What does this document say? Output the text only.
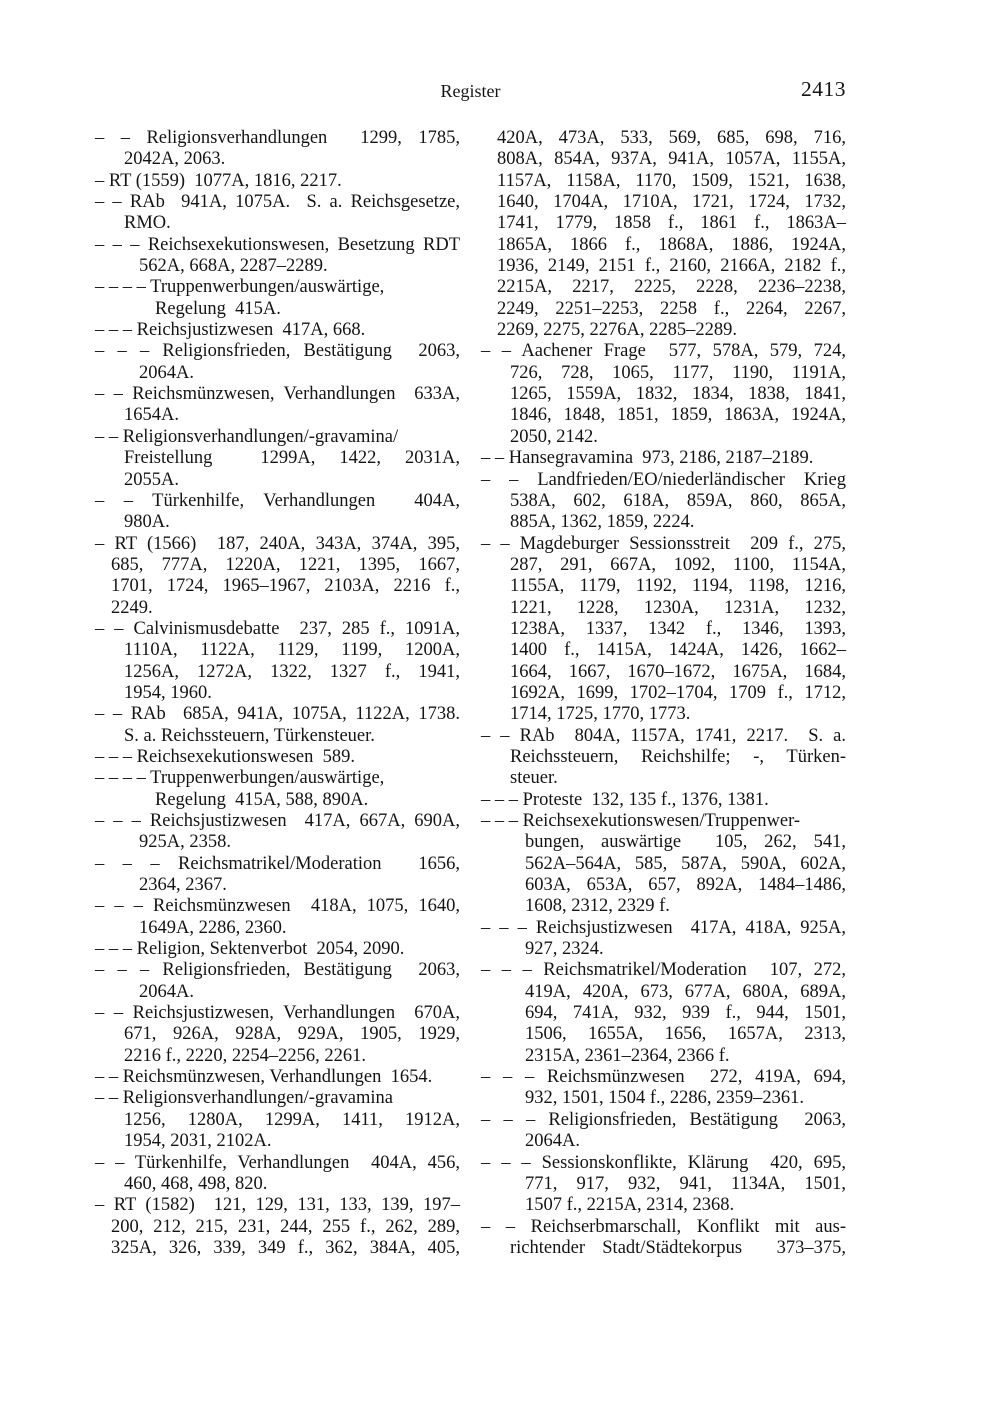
Register	2413
– – Religionsverhandlungen  1299, 1785,
2042A, 2063.
– RT (1559)  1077A, 1816, 2217.
– – RAb  941A, 1075A.  S. a. Reichsgesetze,
RMO.
– – – Reichsexekutionswesen, Besetzung RDT
562A, 668A, 2287–2289.
– – – – Truppenwerbungen/auswärtige,
Regelung  415A.
– – – Reichsjustizwesen  417A, 668.
– – – Religionsfrieden, Bestätigung  2063,
2064A.
– – Reichsmünzwesen, Verhandlungen  633A,
1654A.
– – Religionsverhandlungen/-gravamina/
Freistellung  1299A, 1422, 2031A,
2055A.
– – Türkenhilfe, Verhandlungen  404A,
980A.
– RT (1566)  187, 240A, 343A, 374A, 395,
685, 777A, 1220A, 1221, 1395, 1667,
1701, 1724, 1965–1967, 2103A, 2216 f.,
2249.
– – Calvinismusdebatte  237, 285 f., 1091A,
1110A, 1122A, 1129, 1199, 1200A,
1256A, 1272A, 1322, 1327 f., 1941,
1954, 1960.
– – RAb  685A, 941A, 1075A, 1122A, 1738.
S. a. Reichssteuern, Türkensteuer.
– – – Reichsexekutionswesen  589.
– – – – Truppenwerbungen/auswärtige,
Regelung  415A, 588, 890A.
– – – Reichsjustizwesen  417A, 667A, 690A,
925A, 2358.
– – – Reichsmatrikel/Moderation  1656,
2364, 2367.
– – – Reichsmünzwesen  418A, 1075, 1640,
1649A, 2286, 2360.
– – – Religion, Sektenverbot  2054, 2090.
– – – Religionsfrieden, Bestätigung  2063,
2064A.
– – Reichsjustizwesen, Verhandlungen  670A,
671, 926A, 928A, 929A, 1905, 1929,
2216 f., 2220, 2254–2256, 2261.
– – Reichsmünzwesen, Verhandlungen  1654.
– – Religionsverhandlungen/-gravamina
1256, 1280A, 1299A, 1411, 1912A,
1954, 2031, 2102A.
– – Türkenhilfe, Verhandlungen  404A, 456,
460, 468, 498, 820.
– RT (1582)  121, 129, 131, 133, 139, 197–
200, 212, 215, 231, 244, 255 f., 262, 289,
325A, 326, 339, 349 f., 362, 384A, 405,
420A, 473A, 533, 569, 685, 698, 716,
808A, 854A, 937A, 941A, 1057A, 1155A,
1157A, 1158A, 1170, 1509, 1521, 1638,
1640, 1704A, 1710A, 1721, 1724, 1732,
1741, 1779, 1858 f., 1861 f., 1863A–
1865A, 1866 f., 1868A, 1886, 1924A,
1936, 2149, 2151 f., 2160, 2166A, 2182 f.,
2215A, 2217, 2225, 2228, 2236–2238,
2249, 2251–2253, 2258 f., 2264, 2267,
2269, 2275, 2276A, 2285–2289.
– – Aachener Frage  577, 578A, 579, 724,
726, 728, 1065, 1177, 1190, 1191A,
1265, 1559A, 1832, 1834, 1838, 1841,
1846, 1848, 1851, 1859, 1863A, 1924A,
2050, 2142.
– – Hansegravamina  973, 2186, 2187–2189.
– – Landfrieden/EO/niederländischer Krieg
538A, 602, 618A, 859A, 860, 865A,
885A, 1362, 1859, 2224.
– – Magdeburger Sessionsstreit  209 f., 275,
287, 291, 667A, 1092, 1100, 1154A,
1155A, 1179, 1192, 1194, 1198, 1216,
1221, 1228, 1230A, 1231A, 1232,
1238A, 1337, 1342 f., 1346, 1393,
1400 f., 1415A, 1424A, 1426, 1662–
1664, 1667, 1670–1672, 1675A, 1684,
1692A, 1699, 1702–1704, 1709 f., 1712,
1714, 1725, 1770, 1773.
– – RAb  804A, 1157A, 1741, 2217.  S. a.
Reichssteuern, Reichshilfe; -, Türken-
steuer.
– – – Proteste  132, 135 f., 1376, 1381.
– – – Reichsexekutionswesen/Truppenwer-
bungen, auswärtige  105, 262, 541,
562A–564A, 585, 587A, 590A, 602A,
603A, 653A, 657, 892A, 1484–1486,
1608, 2312, 2329 f.
– – – Reichsjustizwesen  417A, 418A, 925A,
927, 2324.
– – – Reichsmatrikel/Moderation  107, 272,
419A, 420A, 673, 677A, 680A, 689A,
694, 741A, 932, 939 f., 944, 1501,
1506, 1655A, 1656, 1657A, 2313,
2315A, 2361–2364, 2366 f.
– – – Reichsmünzwesen  272, 419A, 694,
932, 1501, 1504 f., 2286, 2359–2361.
– – – Religionsfrieden, Bestätigung  2063,
2064A.
– – – Sessionskonflikte, Klärung  420, 695,
771, 917, 932, 941, 1134A, 1501,
1507 f., 2215A, 2314, 2368.
– – Reichserbmarschall, Konflikt mit aus-
richtender Stadt/Städtekorpus  373–375,
